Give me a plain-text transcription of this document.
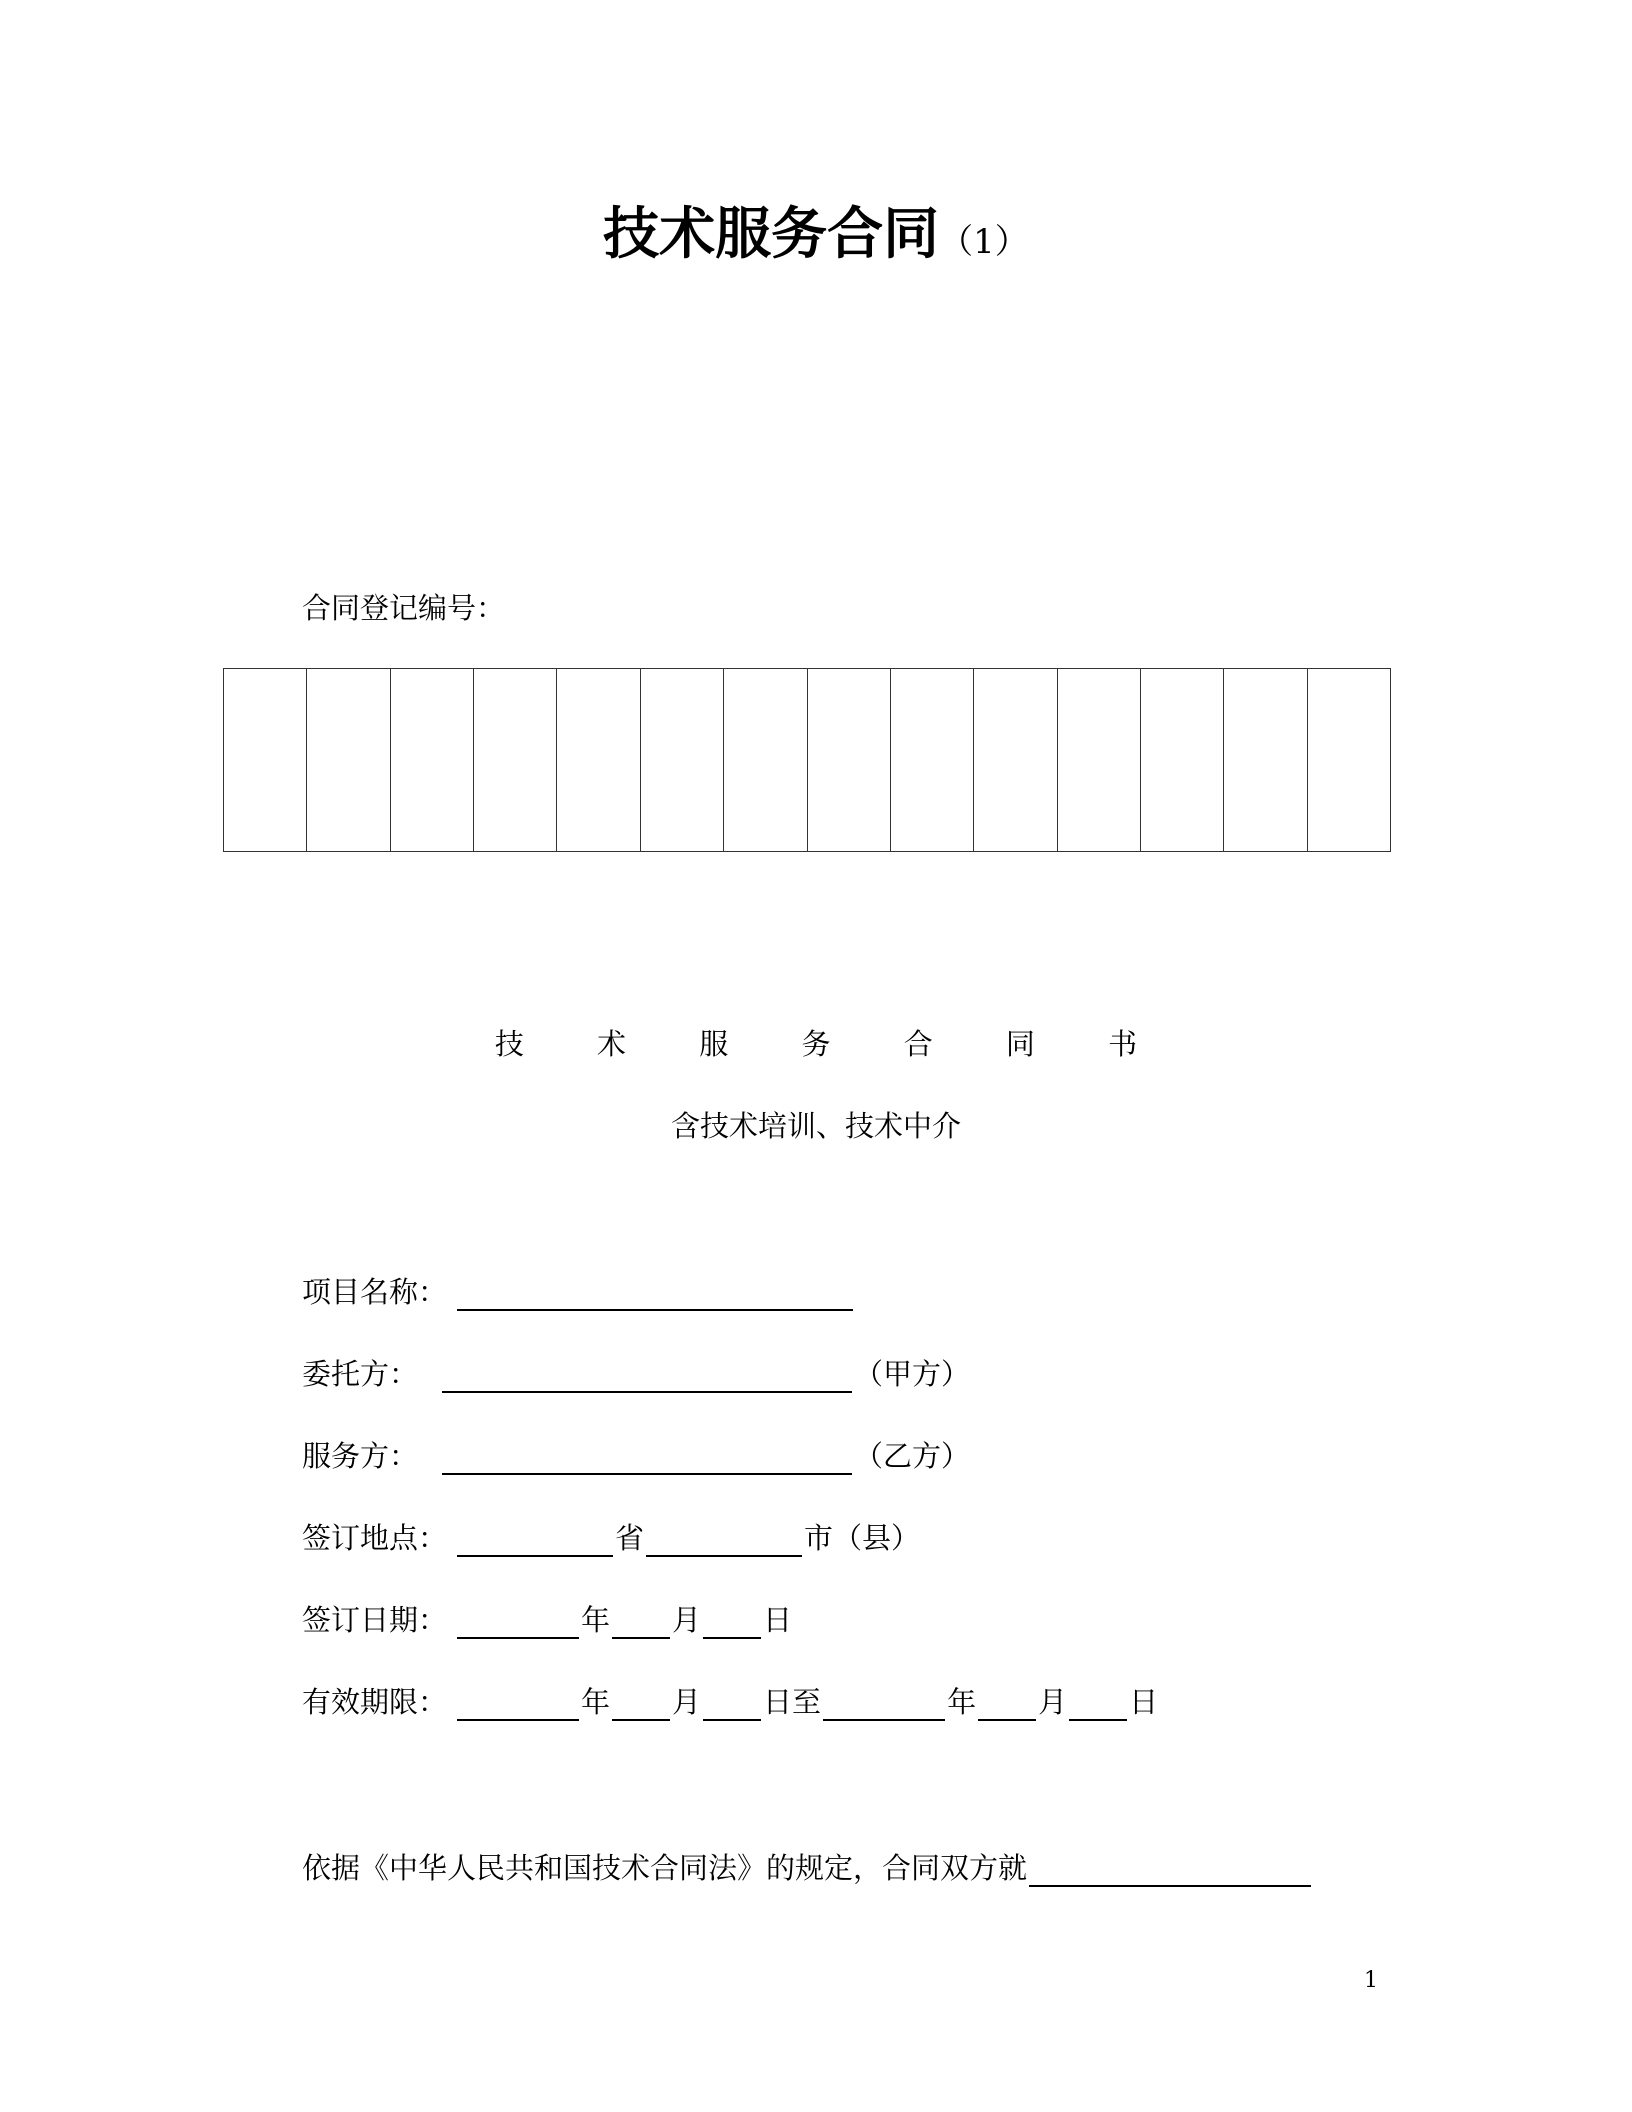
技术服务合同（1）
合同登记编号：
技 术 服 务 合 同 书
含技术培训、技术中介
项目名称：
委托方：	（甲方）
服务方：	（乙方）
签订地点：	省	市（县）
签订日期：	年 月 日
有效期限：	年 月 日至	年 月 日
依据《中华人民共和国技术合同法》的规定，合同双方就
1
